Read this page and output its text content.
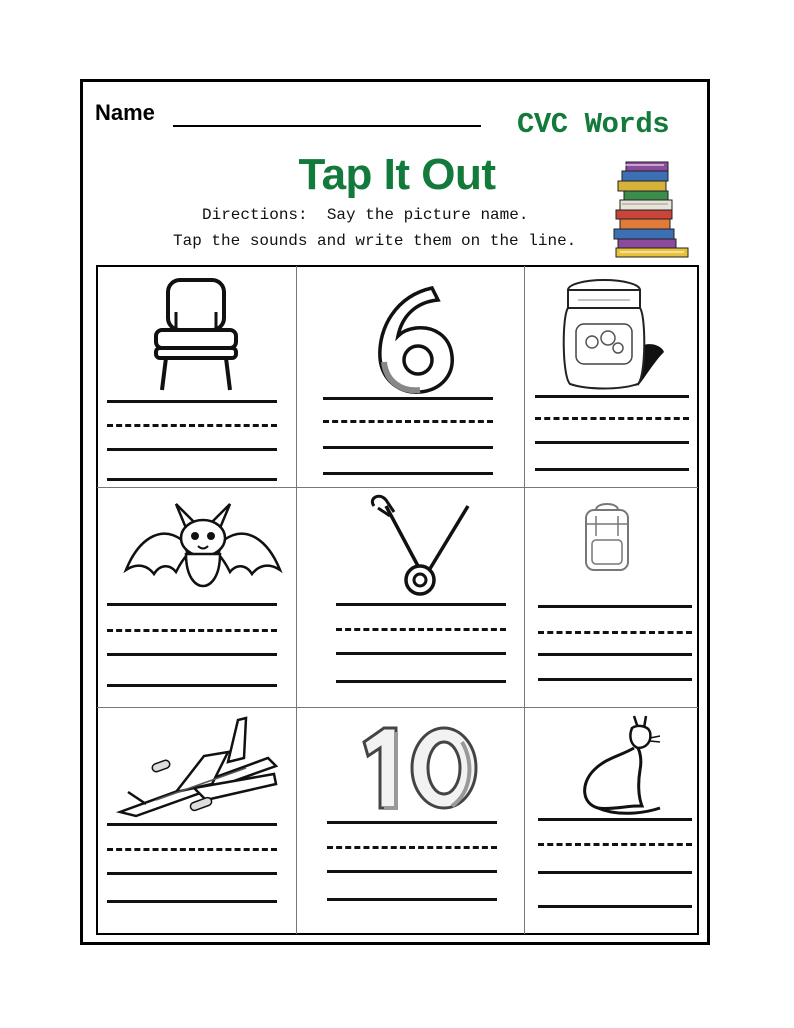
Name	CVC Words
Tap It Out
Directions:  Say the picture name.
Tap the sounds and write them on the line.
